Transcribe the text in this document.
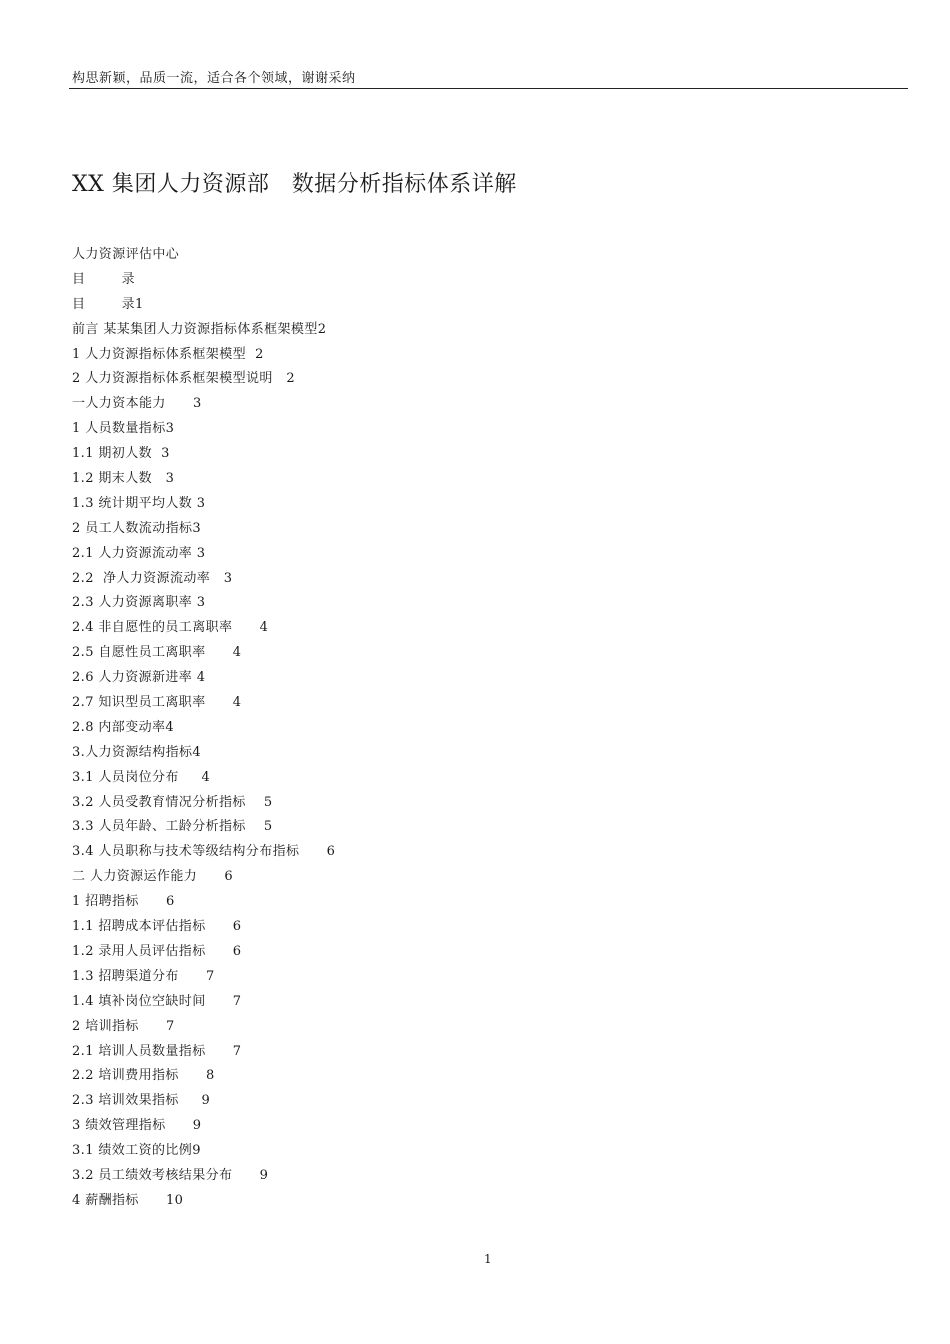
构思新颖，品质一流，适合各个领域，谢谢采纳
XX 集团人力资源部   数据分析指标体系详解
人力资源评估中心
目        录
目        录1
前言 某某集团人力资源指标体系框架模型2
1 人力资源指标体系框架模型  2
2 人力资源指标体系框架模型说明   2
一人力资本能力      3
1 人员数量指标3
1.1 期初人数  3
1.2 期末人数   3
1.3 统计期平均人数 3
2 员工人数流动指标3
2.1 人力资源流动率 3
2.2  净人力资源流动率   3
2.3 人力资源离职率 3
2.4 非自愿性的员工离职率      4
2.5 自愿性员工离职率      4
2.6 人力资源新进率 4
2.7 知识型员工离职率      4
2.8 内部变动率4
3.人力资源结构指标4
3.1 人员岗位分布     4
3.2 人员受教育情况分析指标    5
3.3 人员年龄、工龄分析指标    5
3.4 人员职称与技术等级结构分布指标      6
二 人力资源运作能力      6
1 招聘指标      6
1.1 招聘成本评估指标      6
1.2 录用人员评估指标      6
1.3 招聘渠道分布      7
1.4 填补岗位空缺时间      7
2 培训指标      7
2.1 培训人员数量指标      7
2.2 培训费用指标      8
2.3 培训效果指标     9
3 绩效管理指标      9
3.1 绩效工资的比例9
3.2 员工绩效考核结果分布      9
4 薪酬指标      10
1
